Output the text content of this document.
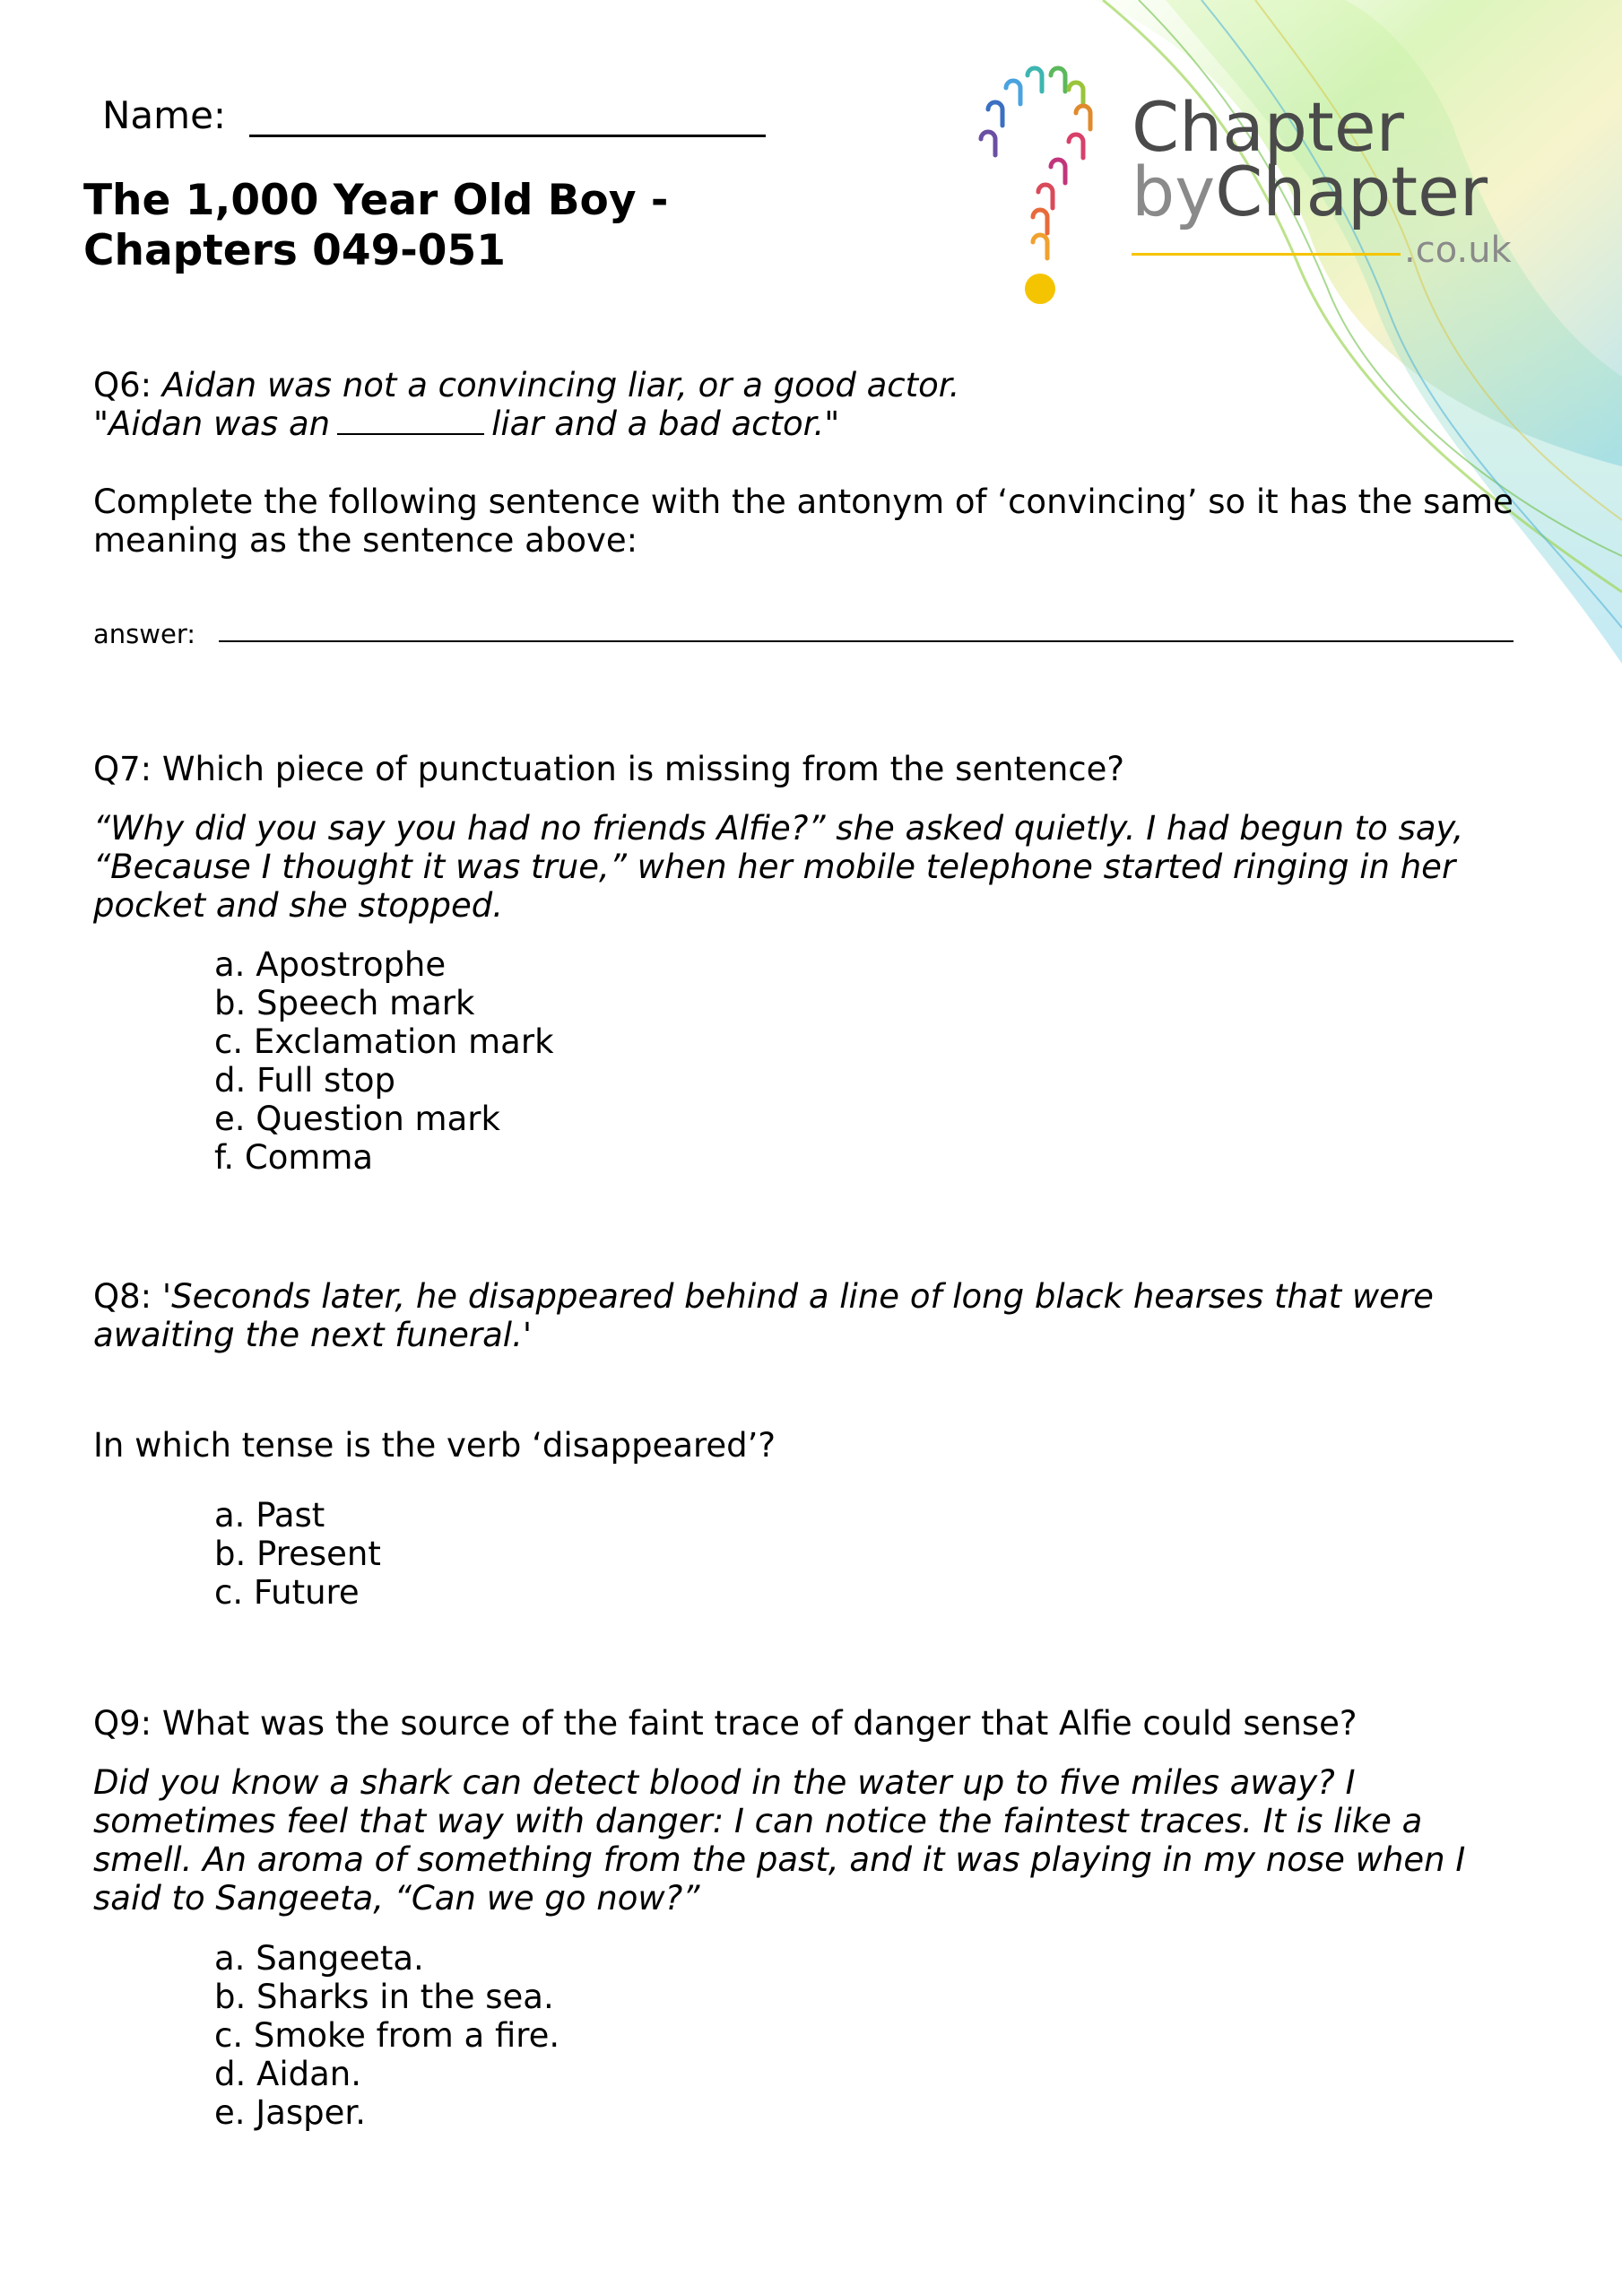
Name:
The 1,000 Year Old Boy -
Chapters 049-051
Chapter
byChapter
.co.uk
Q6: Aidan was not a convincing liar, or a good actor.
"Aidan was an	liar and a bad actor."
Complete the following sentence with the antonym of ‘convincing’ so it has the same meaning as the sentence above:
answer:
Q7: Which piece of punctuation is missing from the sentence?
“Why did you say you had no friends Alfie?” she asked quietly. I had begun to say, “Because I thought it was true,” when her mobile telephone started ringing in her pocket and she stopped.
a. Apostrophe
b. Speech mark
c. Exclamation mark
d. Full stop
e. Question mark
f. Comma
Q8: 'Seconds later, he disappeared behind a line of long black hearses that were awaiting the next funeral.'
In which tense is the verb ‘disappeared’?
a. Past
b. Present
c. Future
Q9: What was the source of the faint trace of danger that Alfie could sense?
Did you know a shark can detect blood in the water up to five miles away? I sometimes feel that way with danger: I can notice the faintest traces. It is like a smell. An aroma of something from the past, and it was playing in my nose when I said to Sangeeta, “Can we go now?”
a. Sangeeta.
b. Sharks in the sea.
c. Smoke from a fire.
d. Aidan.
e. Jasper.
